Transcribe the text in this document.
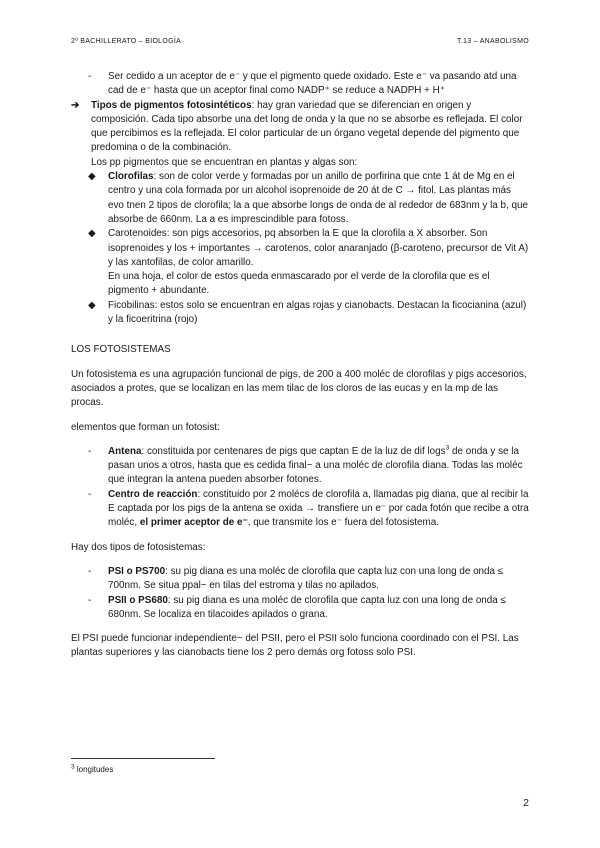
2º BACHILLERATO – BIOLOGÍA	T.13 – ANABOLISMO
-	Ser cedido a un aceptor de e⁻ y que el pigmento quede oxidado. Este e⁻ va pasando atd una cad de e⁻ hasta que un aceptor final como NADP⁺ se reduce a NADPH + H⁺
➔	Tipos de pigmentos fotosintéticos: hay gran variedad que se diferencian en origen y composición. Cada tipo absorbe una det long de onda y la que no se absorbe es reflejada. El color que percibimos es la reflejada. El color particular de un órgano vegetal depende del pigmento que predomina o de la combinación.

Los pp pigmentos que se encuentran en plantas y algas son:

◆	Clorofilas: son de color verde y formadas por un anillo de porfirina que cnte 1 át de Mg en el centro y una cola formada por un alcohol isoprenoide de 20 át de C → fitol. Las plantas más evo tnen 2 tipos de clorofila; la a que absorbe longs de onda de al rededor de 683nm y la b, que absorbe de 660nm. La a es imprescindible para fotoss.
◆	Carotenoides: son pigs accesorios, pq absorben la E que la clorofila a X absorber. Son isoprenoides y los + importantes → carotenos, color anaranjado (β-caroteno, precursor de Vit A) y las xantofilas, de color amarillo.
En una hoja, el color de estos queda enmascarado por el verde de la clorofila que es el pigmento + abundante.
◆	Ficobilinas: estos solo se encuentran en algas rojas y cianobacts. Destacan la ficocianina (azul) y la ficoeritrina (rojo)

LOS FOTOSISTEMAS

Un fotosistema es una agrupación funcional de pigs, de 200 a 400 moléc de clorofilas y pigs accesorios, asociados a protes, que se localizan en las mem tilac de los cloros de las eucas y en la mp de las procas.

elementos que forman un fotosist:

-	Antena: constituida por centenares de pigs que captan E de la luz de dif logs$^3$ de onda y se la pasan unos a otros, hasta que es cedida final~ a una moléc de clorofila diana. Todas las moléc que integran la antena pueden absorber fotones.
-	Centro de reacción: constituido por 2 molécs de clorofila a, llamadas pig diana, que al recibir la E captada por los pigs de la antena se oxida → transfiere un e⁻ por cada fotón que recibe a otra moléc, el primer aceptor de e⁻, que transmite los e⁻ fuera del fotosistema.

Hay dos tipos de fotosistemas:

-	PSI o PS700: su pig diana es una moléc de clorofila que capta luz con una long de onda ≤ 700nm. Se situa ppal~ en tilas del estroma y tilas no apilados.
-	PSII o PS680: su pig diana es una moléc de clorofila que capta luz con una long de onda ≤ 680nm. Se localiza en tilacoides apilados o grana.

El PSI puede funcionar independiente~ del PSII, pero el PSII solo funciona coordinado con el PSI. Las plantas superiores y las cianobacts tiene los 2 pero demás org fotoss solo PSI.

$^3$ longitudes
2
